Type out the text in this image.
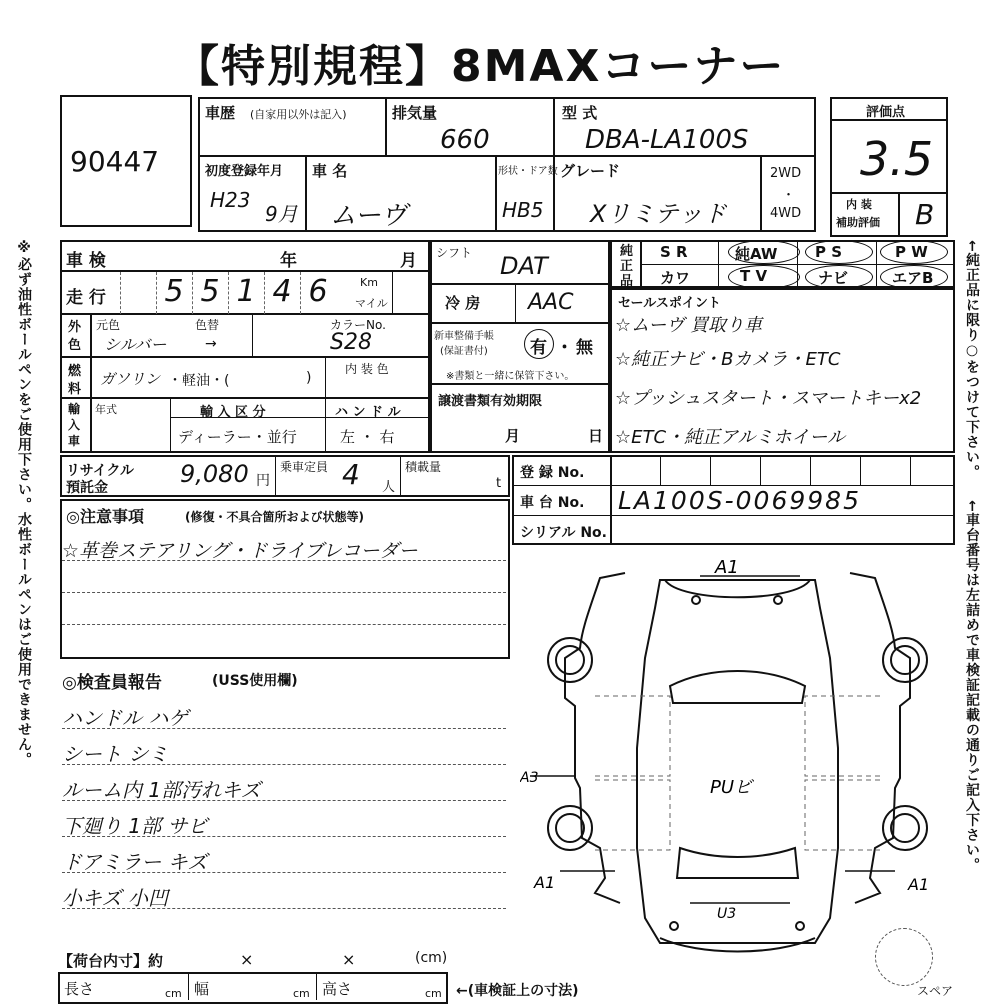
【特別規程】8MAXコーナー
※必ず油性ボールペンをご使用下さい。水性ボールペンはご使用できません。	←純正品に限り○をつけて下さい。
←車台番号は左詰めで車検証記載の通りご記入下さい。
90447
評価点
3.5
内 装
補助評価 B
車歴 (自家用以外は記入)	排気量
660
型 式
DBA-LA100S
初度登録年月
H23
9月
車 名
ムーヴ
形状・ドア数
HB5
グレード
Xリミテッド
2WD
・
4WD
車 検	年	月
走 行 5 5 1 4 6	Km
マイル
外
色
元色
シルバー
色替
→
カラーNo.
S28
燃
料
ガソリン ・軽油・(	)
内 装 色
輸
入
車
年式	輸 入 区 分
ディーラー・並行
ハ ン ド ル
左 ・ 右
シフト DAT
冷 房 AAC
新車整備手帳
(保証書付) 有 ・ 無
※書類と一緒に保管下さい。
譲渡書類有効期限
月	日
純
正
品
S R	純AW	P S	P W
カワ	T V	ナビ	エアB
セールスポイント
☆ムーヴ 買取り車
☆純正ナビ・Bカメラ・ETC
☆プッシュスタート・スマートキーx2
☆ETC・純正アルミホイール
リサイクル
預託金	9,080 円
乗車定員 4 人
積載量
t
登 録 No.
車 台 No. LA100S-0069985
シリアル No.
◎注意事項	(修復・不具合箇所および状態等)
☆革巻ステアリング・ドライブレコーダー
◎検査員報告	(USS使用欄)
ハンドル ハゲ
シート シミ
ルーム内 1部汚れキズ
下廻り 1部 サビ
ドアミラー キズ
小キズ 小凹
【荷台内寸】約	×	×	(cm)
長さ	cm 幅	cm 高さ	cm ←(車検証上の寸法)
A1
A3
A1	A1
U3
PUビ
スペア
